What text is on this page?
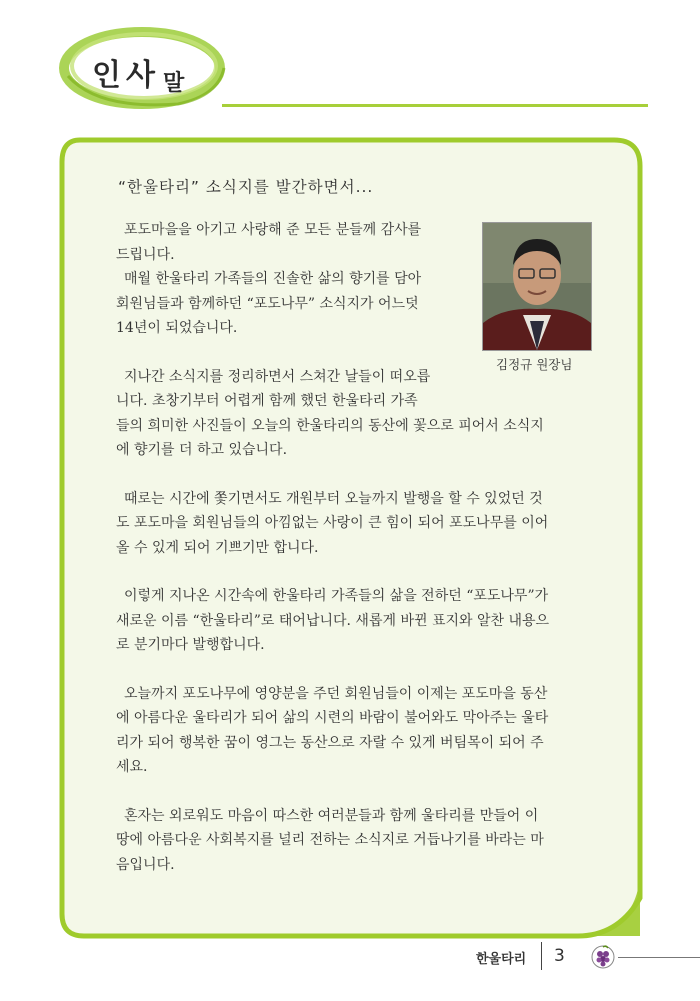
인 사 말
“한울타리” 소식지를 발간하면서...
김정규 원장님
포도마을을 아기고 사랑해 준 모든 분들께 감사를
드립니다.
매월 한울타리 가족들의 진솔한 삶의 향기를 담아
회원님들과 함께하던 “포도나무” 소식지가 어느덧
14년이 되었습니다.
지나간 소식지를 정리하면서 스쳐간 날들이 떠오릅
니다. 초창기부터 어렵게 함께 했던 한울타리 가족
들의 희미한 사진들이 오늘의 한울타리의 동산에 꽃으로 피어서 소식지
에 향기를 더 하고 있습니다.
때로는 시간에 쫓기면서도 개원부터 오늘까지 발행을 할 수 있었던 것
도 포도마을 회원님들의 아낌없는 사랑이 큰 힘이 되어 포도나무를 이어
올 수 있게 되어 기쁘기만 합니다.
이렇게 지나온 시간속에 한울타리 가족들의 삶을 전하던 “포도나무”가
새로운 이름 “한울타리”로 태어납니다. 새롭게 바뀐 표지와 알찬 내용으
로 분기마다 발행합니다.
오늘까지 포도나무에 영양분을 주던 회원님들이 이제는 포도마을 동산
에 아름다운 울타리가 되어 삶의 시련의 바람이 불어와도 막아주는 울타
리가 되어 행복한 꿈이 영그는 동산으로 자랄 수 있게 버팀목이 되어 주
세요.
혼자는 외로워도 마음이 따스한 여러분들과 함께 울타리를 만들어 이
땅에 아름다운 사회복지를 널리 전하는 소식지로 거듭나기를 바라는 마
음입니다.
한울타리 3
